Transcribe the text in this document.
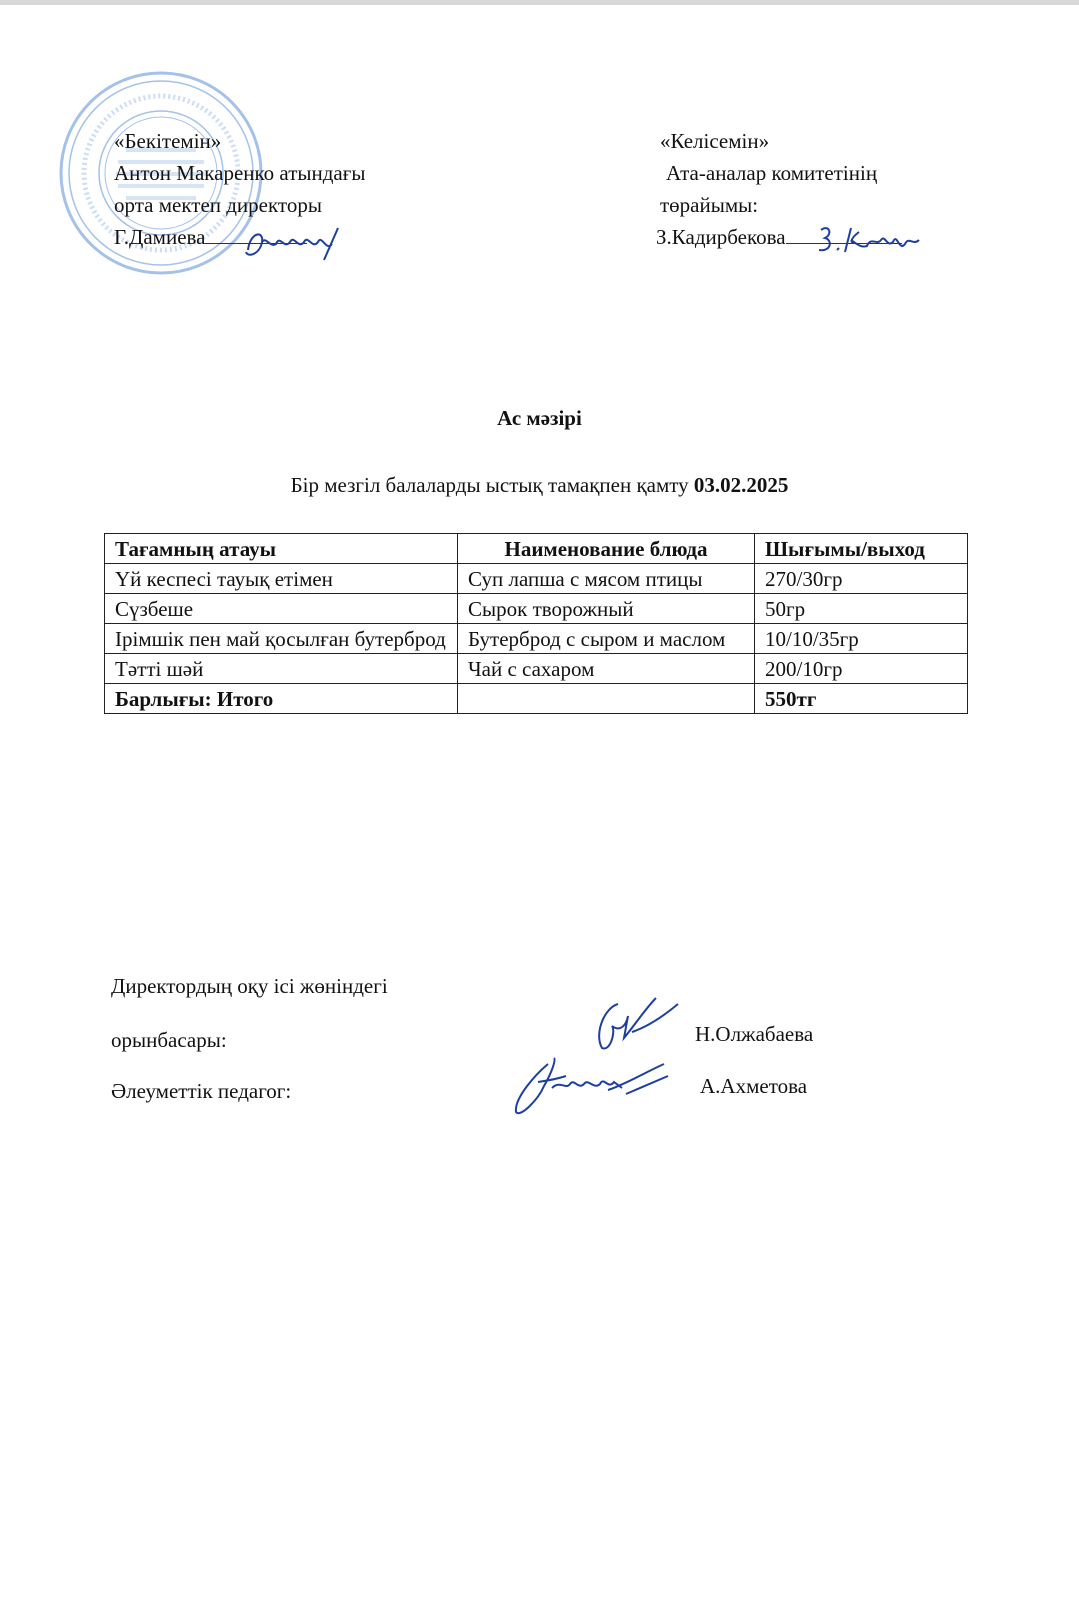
«Бекітемін»
Антон Макаренко атындағы
орта мектеп директоры
Г.Дамиева
«Келісемін»
Ата-аналар комитетінің
төрайымы:
З.Кадирбекова
Ас мәзірі
Бір мезгіл балаларды ыстық тамақпен қамту 03.02.2025
Тағамның атауы	Наименование блюда	Шығымы/выход
Үй кеспесі тауық етімен	Суп лапша с мясом птицы	270/30гр
Сүзбеше	Сырок творожный	50гр
Ірімшік пен май қосылған бутерброд	Бутерброд с сыром и маслом	10/10/35гр
Тәтті шәй	Чай с сахаром	200/10гр
Барлығы: Итого		550тг
Директордың оқу ісі жөніндегі
орынбасары:	Н.Олжабаева
Әлеуметтік педагог:	А.Ахметова
